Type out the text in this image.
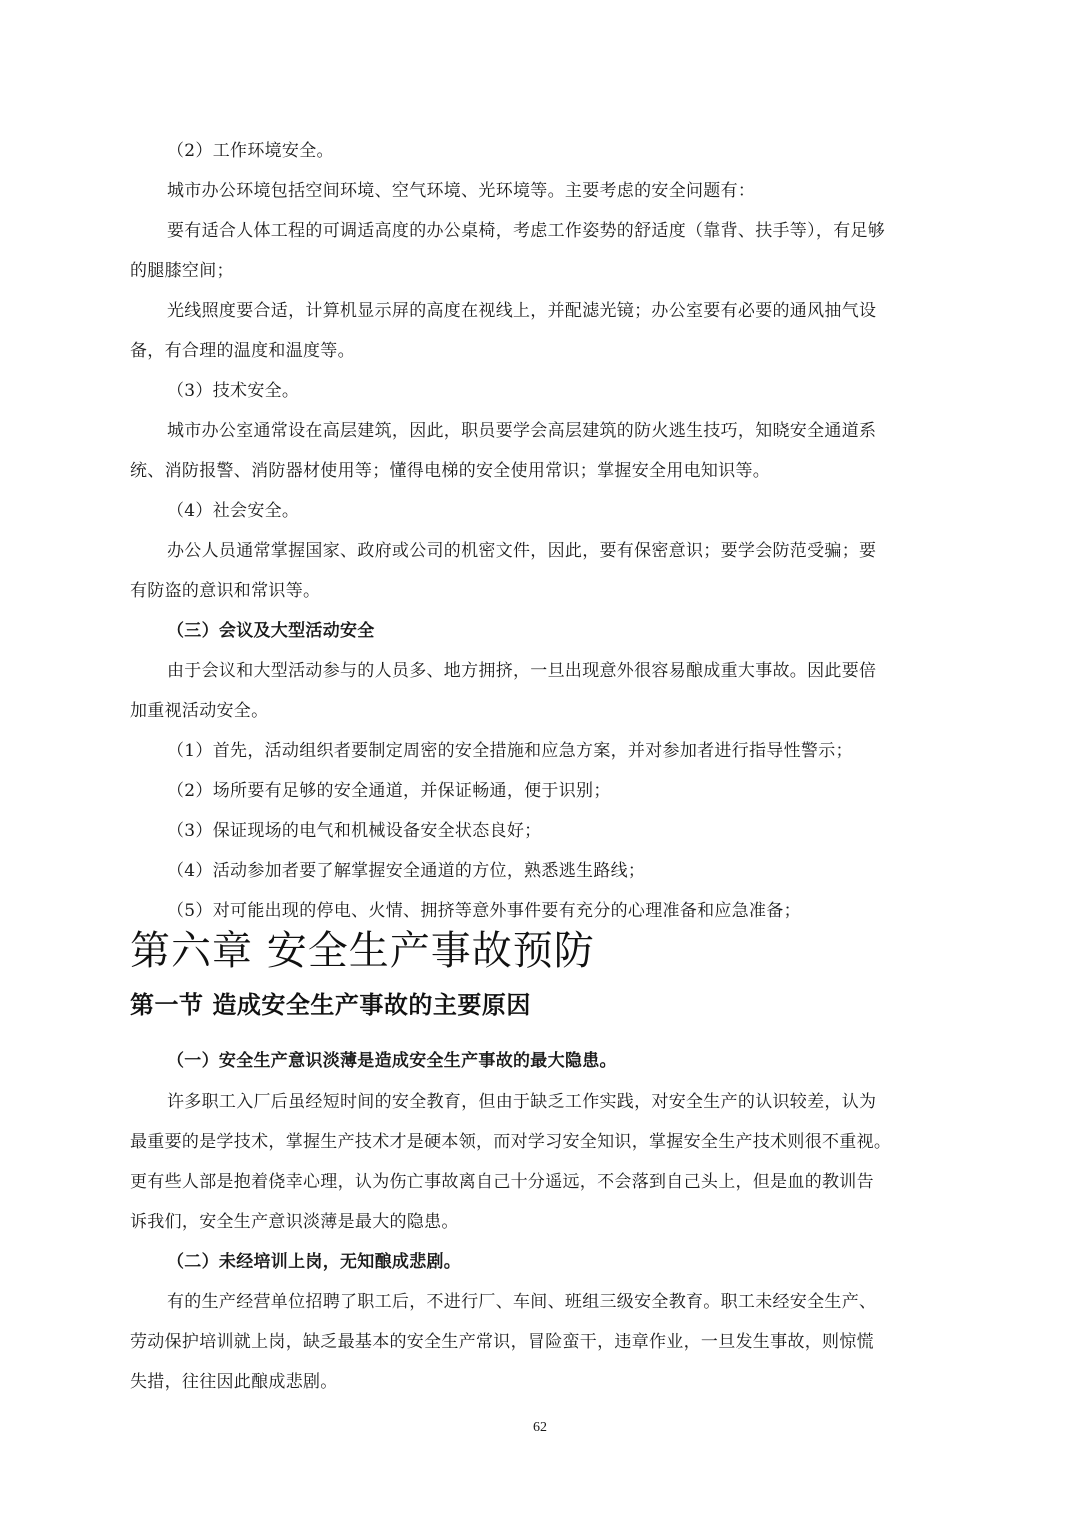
（2）工作环境安全。
城市办公环境包括空间环境、空气环境、光环境等。主要考虑的安全问题有：
要有适合人体工程的可调适高度的办公桌椅，考虑工作姿势的舒适度（靠背、扶手等），有足够
的腿膝空间；
光线照度要合适，计算机显示屏的高度在视线上，并配滤光镜；办公室要有必要的通风抽气设
备，有合理的温度和温度等。
（3）技术安全。
城市办公室通常设在高层建筑，因此，职员要学会高层建筑的防火逃生技巧，知晓安全通道系
统、消防报警、消防器材使用等；懂得电梯的安全使用常识；掌握安全用电知识等。
（4）社会安全。
办公人员通常掌握国家、政府或公司的机密文件，因此，要有保密意识；要学会防范受骗；要
有防盗的意识和常识等。
（三）会议及大型活动安全
由于会议和大型活动参与的人员多、地方拥挤，一旦出现意外很容易酿成重大事故。因此要倍
加重视活动安全。
（1）首先，活动组织者要制定周密的安全措施和应急方案，并对参加者进行指导性警示；
（2）场所要有足够的安全通道，并保证畅通，便于识别；
（3）保证现场的电气和机械设备安全状态良好；
（4）活动参加者要了解掌握安全通道的方位，熟悉逃生路线；
（5）对可能出现的停电、火情、拥挤等意外事件要有充分的心理准备和应急准备；
第六章 安全生产事故预防
第一节 造成安全生产事故的主要原因
（一）安全生产意识淡薄是造成安全生产事故的最大隐患。
许多职工入厂后虽经短时间的安全教育，但由于缺乏工作实践，对安全生产的认识较差，认为
最重要的是学技术，掌握生产技术才是硬本领，而对学习安全知识，掌握安全生产技术则很不重视。
更有些人部是抱着侥幸心理，认为伤亡事故离自己十分遥远，不会落到自己头上，但是血的教训告
诉我们，安全生产意识淡薄是最大的隐患。
（二）未经培训上岗，无知酿成悲剧。
有的生产经营单位招聘了职工后，不进行厂、车间、班组三级安全教育。职工未经安全生产、
劳动保护培训就上岗，缺乏最基本的安全生产常识，冒险蛮干，违章作业，一旦发生事故，则惊慌
失措，往往因此酿成悲剧。
62
